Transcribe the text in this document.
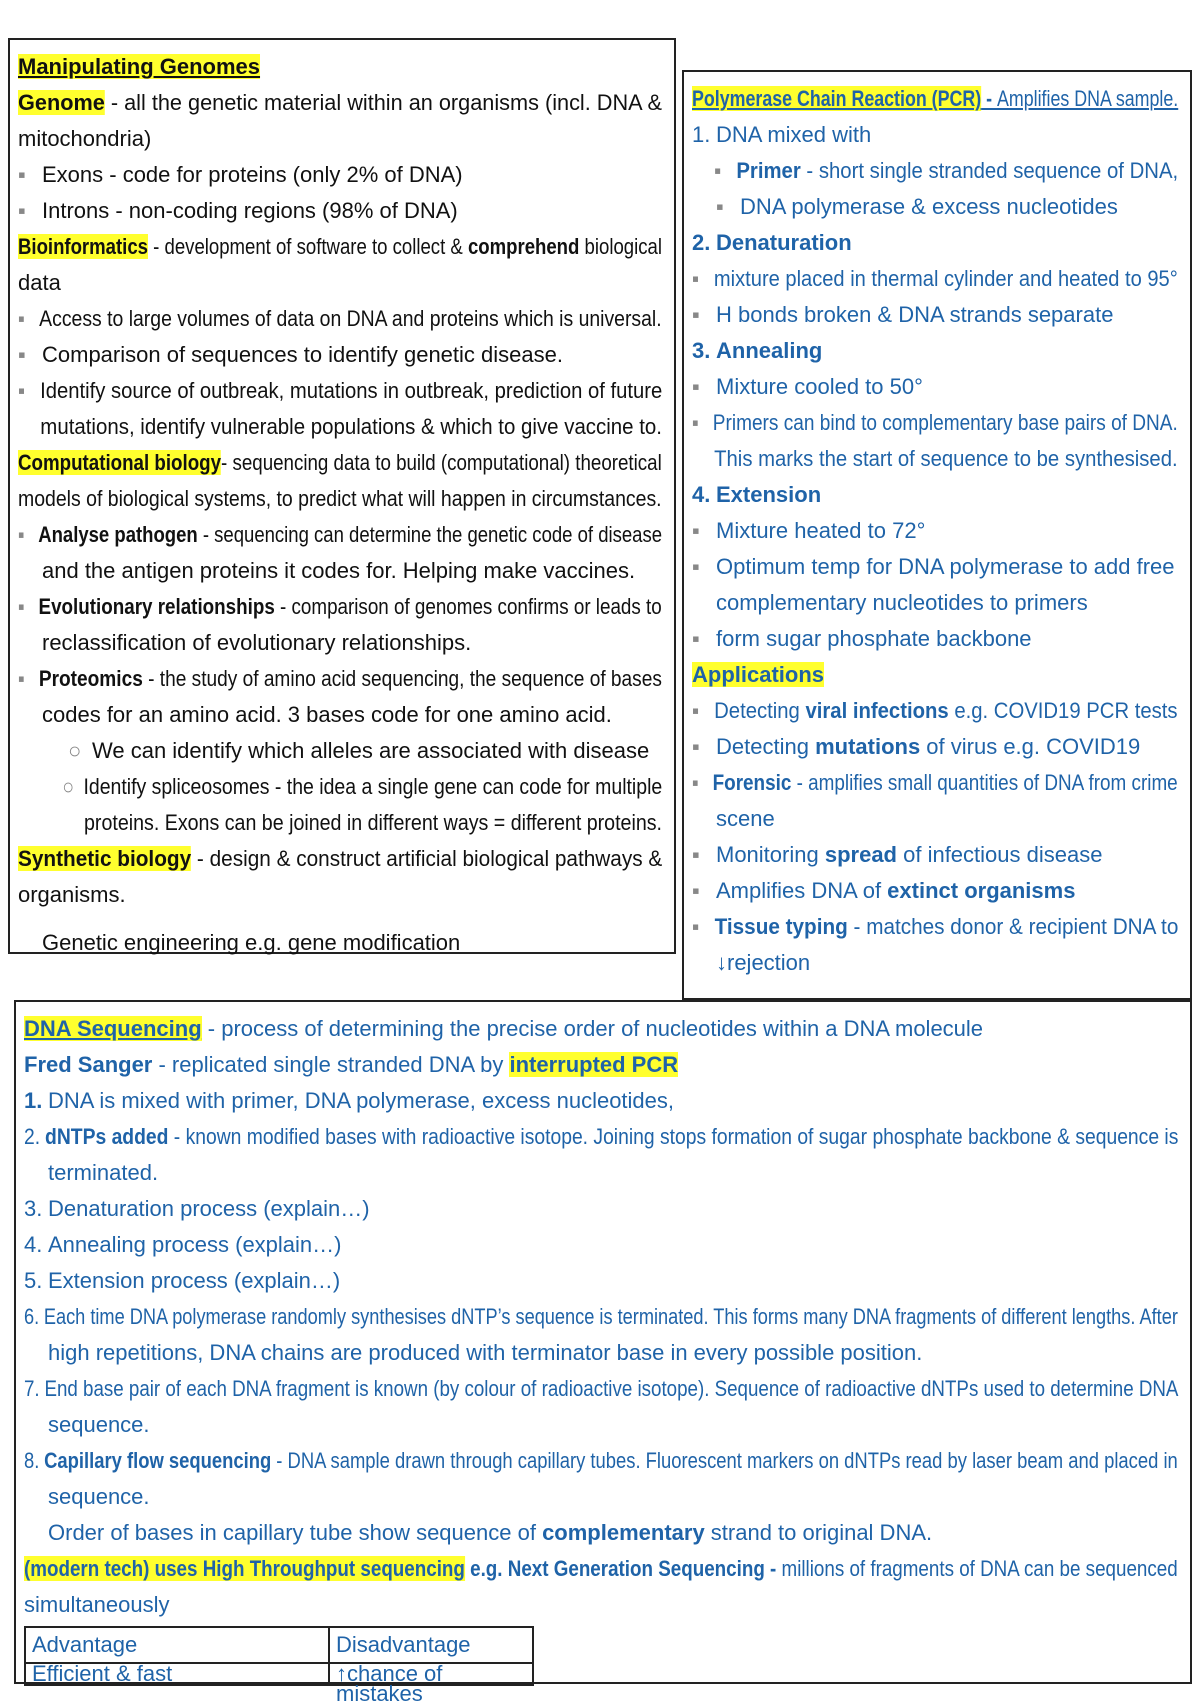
Manipulating Genomes
Genome - all the genetic material within an organisms (incl. DNA &
mitochondria)
▪ Exons - code for proteins (only 2% of DNA)
▪ Introns - non-coding regions (98% of DNA)
Bioinformatics - development of software to collect & comprehend biological
data
▪ Access to large volumes of data on DNA and proteins which is universal.
▪ Comparison of sequences to identify genetic disease.
▪ Identify source of outbreak, mutations in outbreak, prediction of future
mutations, identify vulnerable populations & which to give vaccine to.
Computational biology- sequencing data to build (computational) theoretical
models of biological systems, to predict what will happen in circumstances.
▪ Analyse pathogen - sequencing can determine the genetic code of disease
and the antigen proteins it codes for. Helping make vaccines.
▪ Evolutionary relationships - comparison of genomes confirms or leads to
reclassification of evolutionary relationships.
▪ Proteomics - the study of amino acid sequencing, the sequence of bases
codes for an amino acid. 3 bases code for one amino acid.
○ We can identify which alleles are associated with disease
○ Identify spliceosomes - the idea a single gene can code for multiple
proteins. Exons can be joined in different ways = different proteins.
Synthetic biology - design & construct artificial biological pathways &
organisms.
Genetic engineering e.g. gene modification
Polymerase Chain Reaction (PCR) - Amplifies DNA sample.
1. DNA mixed with
▪ Primer - short single stranded sequence of DNA,
▪ DNA polymerase & excess nucleotides
2. Denaturation
▪ mixture placed in thermal cylinder and heated to 95°
▪ H bonds broken & DNA strands separate
3. Annealing
▪ Mixture cooled to 50°
▪ Primers can bind to complementary base pairs of DNA.
This marks the start of sequence to be synthesised.
4. Extension
▪ Mixture heated to 72°
▪ Optimum temp for DNA polymerase to add free
complementary nucleotides to primers
▪ form sugar phosphate backbone
Applications
▪ Detecting viral infections e.g. COVID19 PCR tests
▪ Detecting mutations of virus e.g. COVID19
▪ Forensic - amplifies small quantities of DNA from crime
scene
▪ Monitoring spread of infectious disease
▪ Amplifies DNA of extinct organisms
▪ Tissue typing - matches donor & recipient DNA to
↓rejection
DNA Sequencing - process of determining the precise order of nucleotides within a DNA molecule
Fred Sanger - replicated single stranded DNA by interrupted PCR
1. DNA is mixed with primer, DNA polymerase, excess nucleotides,
2. dNTPs added - known modified bases with radioactive isotope. Joining stops formation of sugar phosphate backbone & sequence is
terminated.
3. Denaturation process (explain…)
4. Annealing process (explain…)
5. Extension process (explain…)
6. Each time DNA polymerase randomly synthesises dNTP’s sequence is terminated. This forms many DNA fragments of different lengths. After
high repetitions, DNA chains are produced with terminator base in every possible position.
7. End base pair of each DNA fragment is known (by colour of radioactive isotope). Sequence of radioactive dNTPs used to determine DNA
sequence.
8. Capillary flow sequencing - DNA sample drawn through capillary tubes. Fluorescent markers on dNTPs read by laser beam and placed in
sequence.
Order of bases in capillary tube show sequence of complementary strand to original DNA.
(modern tech) uses High Throughput sequencing e.g. Next Generation Sequencing - millions of fragments of DNA can be sequenced
simultaneously
Advantage	Disadvantage

Efficient & fast	↑chance of mistakes
